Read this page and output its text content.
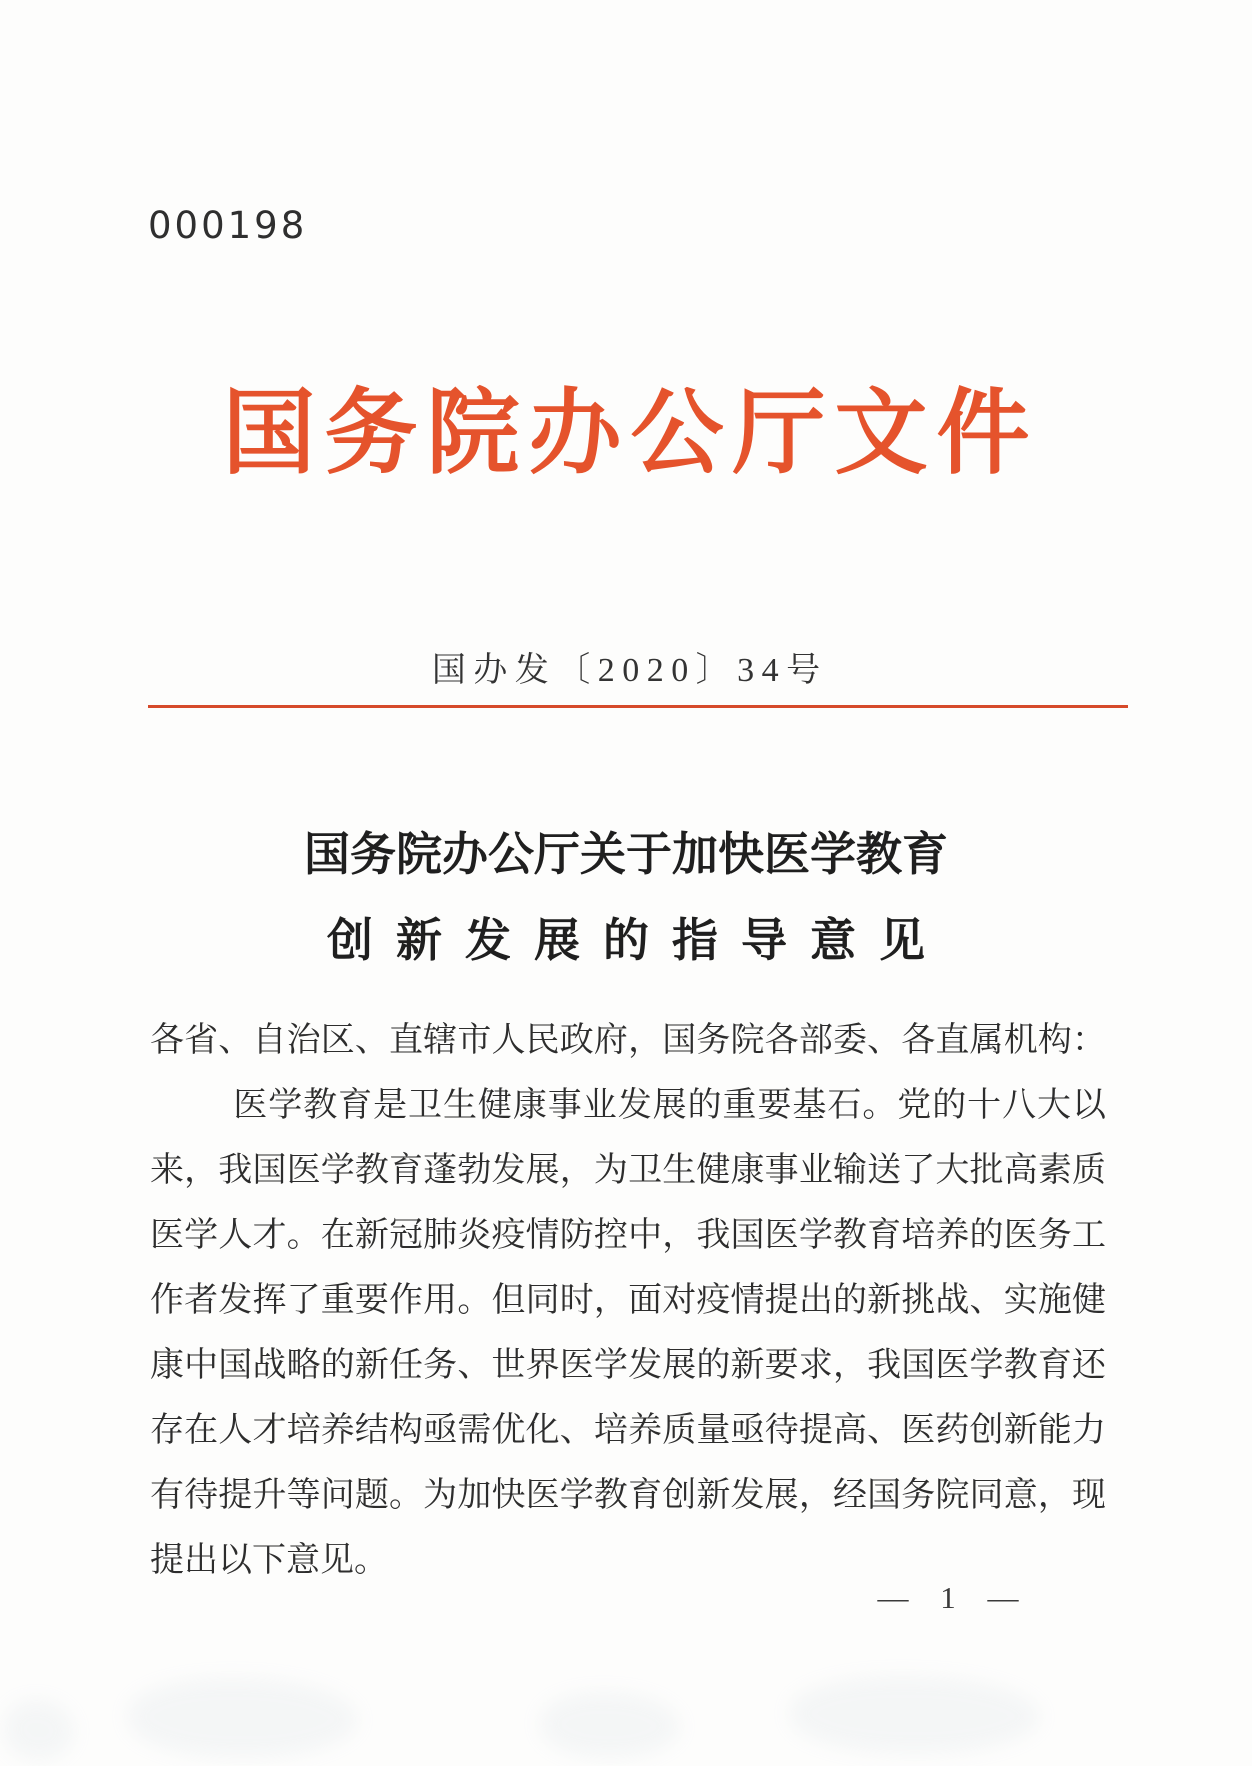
000198
国务院办公厅文件
国办发〔2020〕34号
国务院办公厅关于加快医学教育
创新发展的指导意见
各省、自治区、直辖市人民政府，国务院各部委、各直属机构：
医学教育是卫生健康事业发展的重要基石。党的十八大以
来，我国医学教育蓬勃发展，为卫生健康事业输送了大批高素质
医学人才。在新冠肺炎疫情防控中，我国医学教育培养的医务工
作者发挥了重要作用。但同时，面对疫情提出的新挑战、实施健
康中国战略的新任务、世界医学发展的新要求，我国医学教育还
存在人才培养结构亟需优化、培养质量亟待提高、医药创新能力
有待提升等问题。为加快医学教育创新发展，经国务院同意，现
提出以下意见。
— 1 —
